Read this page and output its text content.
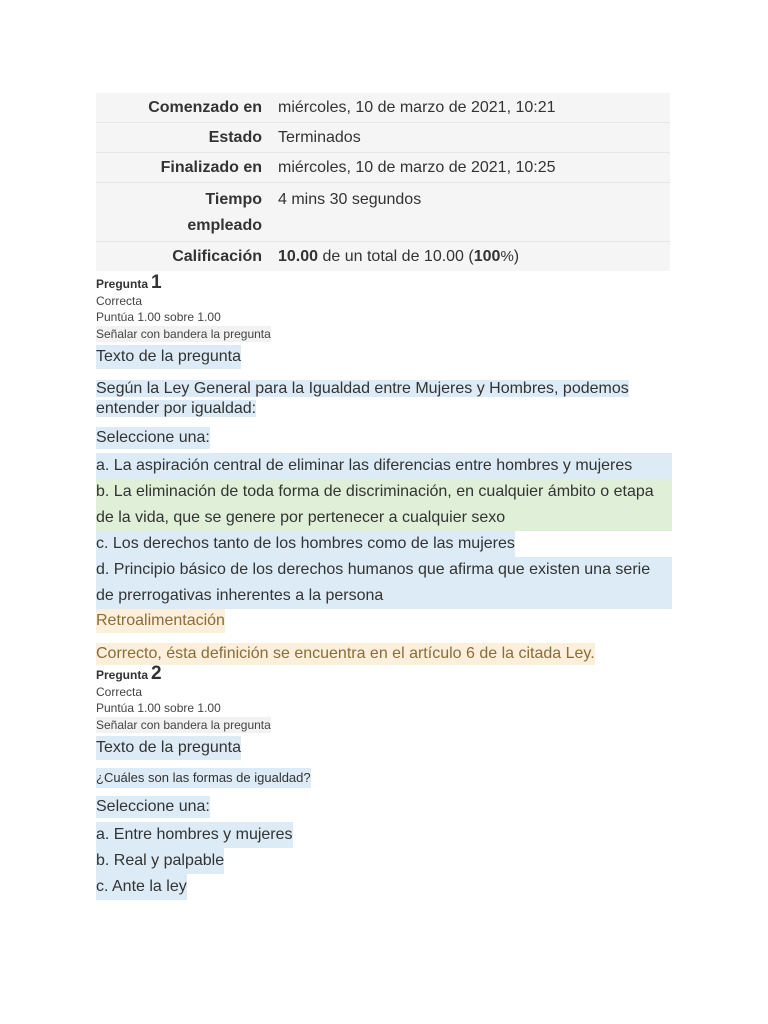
Comenzado en	miércoles, 10 de marzo de 2021, 10:21
Estado	Terminados
Finalizado en	miércoles, 10 de marzo de 2021, 10:25

Tiempo
empleado	4 mins 30 segundos
Calificación	10.00 de un total de 10.00 (100%)
Pregunta 1
Correcta
Puntúa 1.00 sobre 1.00
Señalar con bandera la pregunta
Texto de la pregunta
Según la Ley General para la Igualdad entre Mujeres y Hombres, podemos entender por igualdad:
Seleccione una:
a. La aspiración central de eliminar las diferencias entre hombres y mujeres
b. La eliminación de toda forma de discriminación, en cualquier ámbito o etapa de la vida, que se genere por pertenecer a cualquier sexo
c. Los derechos tanto de los hombres como de las mujeres
d. Principio básico de los derechos humanos que afirma que existen una serie de prerrogativas inherentes a la persona
Retroalimentación
Correcto, ésta definición se encuentra en el artículo 6 de la citada Ley.
Pregunta 2
Correcta
Puntúa 1.00 sobre 1.00
Señalar con bandera la pregunta
Texto de la pregunta
¿Cuáles son las formas de igualdad?
Seleccione una:
a. Entre hombres y mujeres
b. Real y palpable
c. Ante la ley
